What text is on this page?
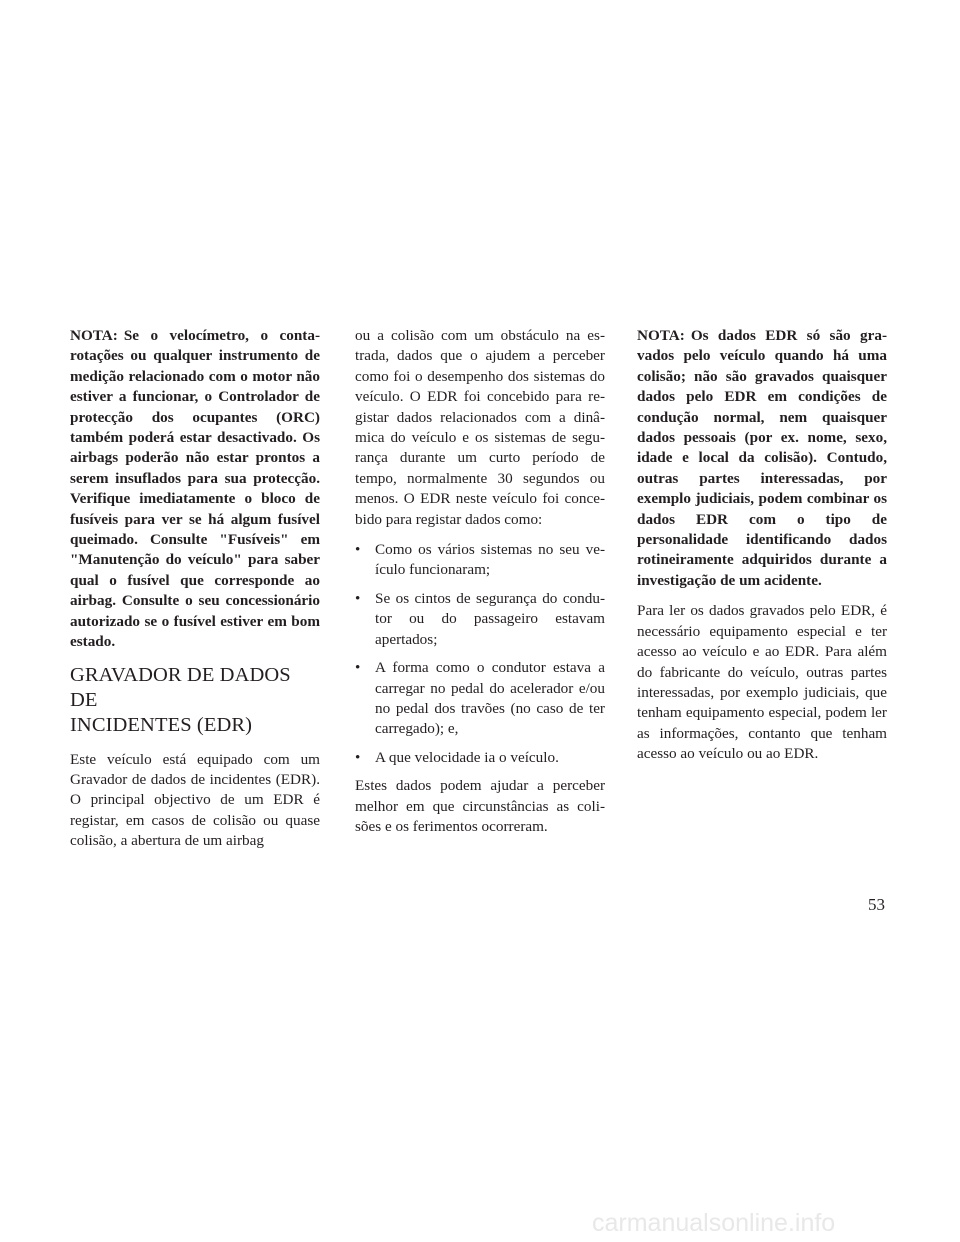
NOTA: Se o velocímetro, o conta-rotações ou qualquer instrumento de medição relacionado com o motor não estiver a funcionar, o Controlador de protecção dos ocupantes (ORC) também poderá estar desactivado. Os airbags poderão não estar prontos a serem insuflados para sua protecção. Verifique imediatamente o bloco de fusíveis para ver se há algum fusível queimado. Consulte "Fusíveis" em "Manutenção do veículo" para saber qual o fusível que corresponde ao airbag. Consulte o seu concessionário autorizado se o fusível estiver em bom estado.

GRAVADOR DE DADOS DE
INCIDENTES (EDR)

Este veículo está equipado com um Gravador de dados de incidentes (EDR). O principal objectivo de um EDR é registar, em casos de colisão ou quase colisão, a abertura de um airbag

ou a colisão com um obstáculo na estrada, dados que o ajudem a perceber como foi o desempenho dos sistemas do veículo. O EDR foi concebido para registar dados relacionados com a dinâmica do veículo e os sistemas de segurança durante um curto período de tempo, normalmente 30 segundos ou menos. O EDR neste veículo foi concebido para registar dados como:

• Como os vários sistemas no seu veículo funcionaram;
• Se os cintos de segurança do condutor ou do passageiro estavam apertados;
• A forma como o condutor estava a carregar no pedal do acelerador e/ou no pedal dos travões (no caso de ter carregado); e,
• A que velocidade ia o veículo.

Estes dados podem ajudar a perceber melhor em que circunstâncias as colisões e os ferimentos ocorreram.

NOTA: Os dados EDR só são gravados pelo veículo quando há uma colisão; não são gravados quaisquer dados pelo EDR em condições de condução normal, nem quaisquer dados pessoais (por ex. nome, sexo, idade e local da colisão). Contudo, outras partes interessadas, por exemplo judiciais, podem combinar os dados EDR com o tipo de personalidade identificando dados rotineiramente adquiridos durante a investigação de um acidente.

Para ler os dados gravados pelo EDR, é necessário equipamento especial e ter acesso ao veículo e ao EDR. Para além do fabricante do veículo, outras partes interessadas, por exemplo judiciais, que tenham equipamento especial, podem ler as informações, contanto que tenham acesso ao veículo ou ao EDR.

53
carmanualsonline.info
